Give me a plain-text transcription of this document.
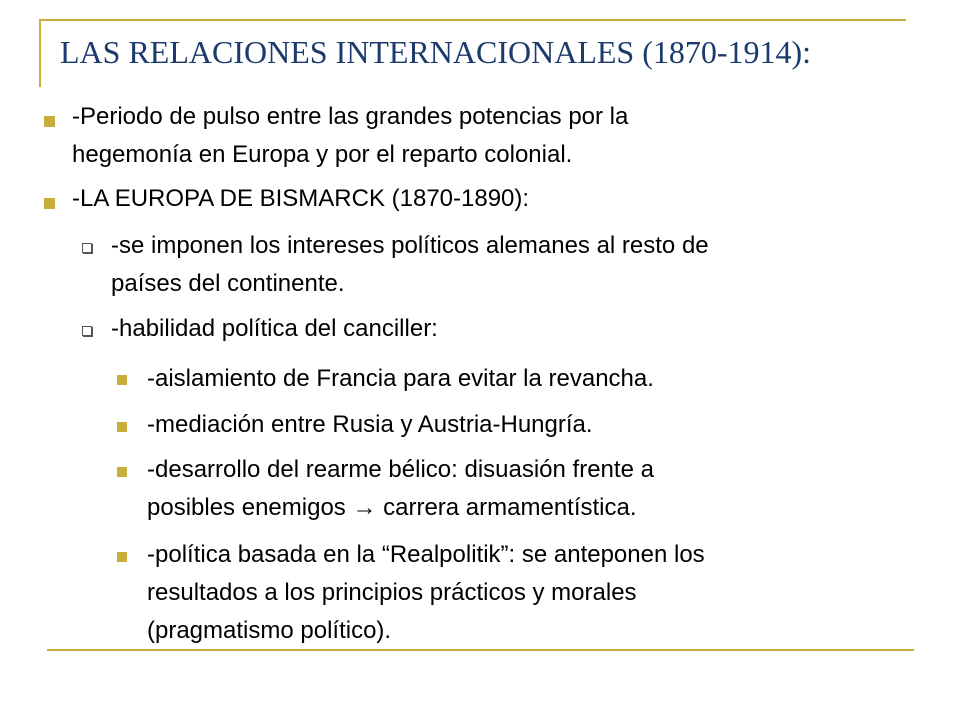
LAS RELACIONES INTERNACIONALES (1870-1914):
-Periodo de pulso entre las grandes potencias por la
hegemonía en Europa y por el reparto colonial.
-LA EUROPA DE BISMARCK (1870-1890):
-se imponen los intereses políticos alemanes al resto de
países del continente.
-habilidad política del canciller:
-aislamiento de Francia para evitar la revancha.
-mediación entre Rusia y Austria-Hungría.
-desarrollo del rearme bélico: disuasión frente a
posibles enemigos → carrera armamentística.
-política basada en la “Realpolitik”: se anteponen los
resultados a los principios prácticos y morales
(pragmatismo político).
